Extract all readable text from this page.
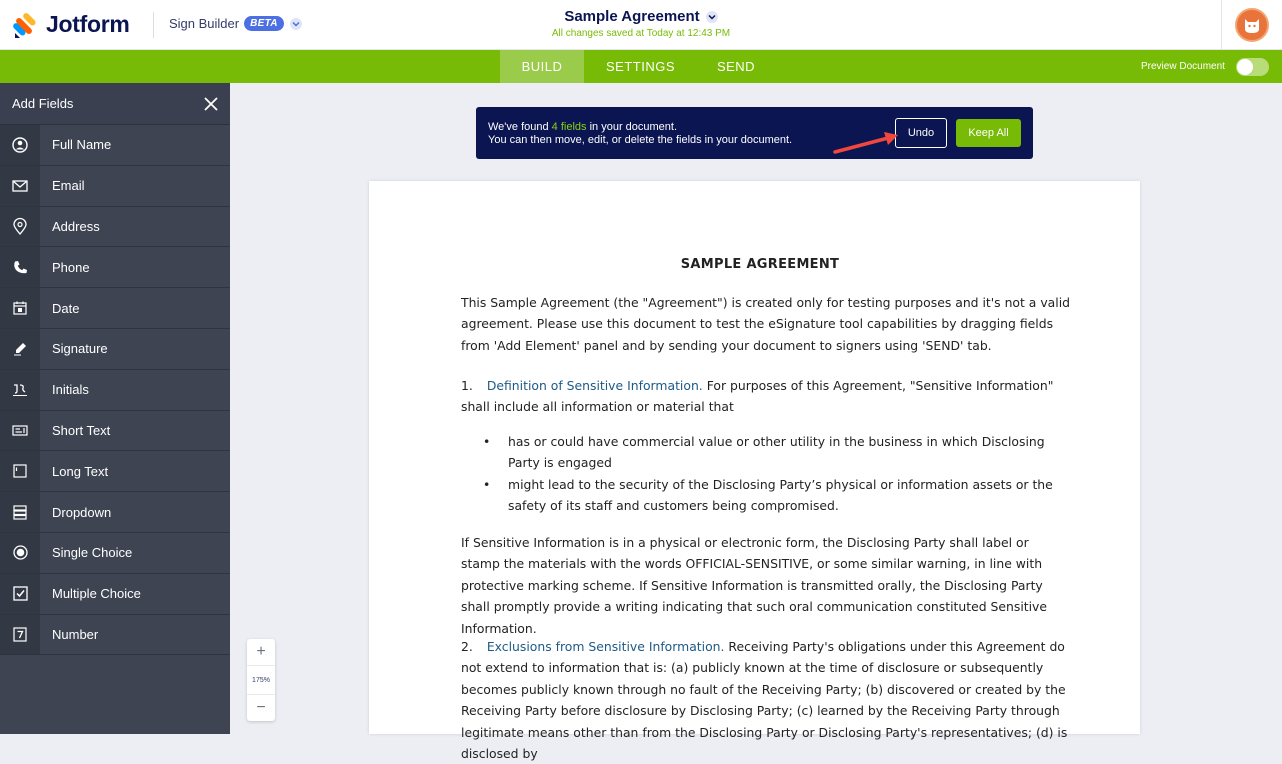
Jotform	Sign Builder	BETA	Sample Agreement
All changes saved at Today at 12:43 PM
BUILD	SETTINGS	SEND	Preview Document
Add Fields
Full Name
Email
Address
Phone
Date
Signature
Initials
Short Text
Long Text
Dropdown
Single Choice
Multiple Choice
Number
We've found 4 fields in your document.
You can then move, edit, or delete the fields in your document.
Undo	Keep All
SAMPLE AGREEMENT
This Sample Agreement (the "Agreement") is created only for testing purposes and it's not a valid agreement. Please use this document to test the eSignature tool capabilities by dragging fields from 'Add Element' panel and by sending your document to signers using 'SEND' tab.
1. Definition of Sensitive Information. For purposes of this Agreement, "Sensitive Information" shall include all information or material that
• has or could have commercial value or other utility in the business in which Disclosing Party is engaged
• might lead to the security of the Disclosing Party’s physical or information assets or the safety of its staff and customers being compromised.
If Sensitive Information is in a physical or electronic form, the Disclosing Party shall label or stamp the materials with the words OFFICIAL-SENSITIVE, or some similar warning, in line with protective marking scheme. If Sensitive Information is transmitted orally, the Disclosing Party shall promptly provide a writing indicating that such oral communication constituted Sensitive Information.
2. Exclusions from Sensitive Information. Receiving Party's obligations under this Agreement do not extend to information that is: (a) publicly known at the time of disclosure or subsequently becomes publicly known through no fault of the Receiving Party; (b) discovered or created by the Receiving Party before disclosure by Disclosing Party; (c) learned by the Receiving Party through legitimate means other than from the Disclosing Party or Disclosing Party's representatives; (d) is disclosed by
+
175%
−
